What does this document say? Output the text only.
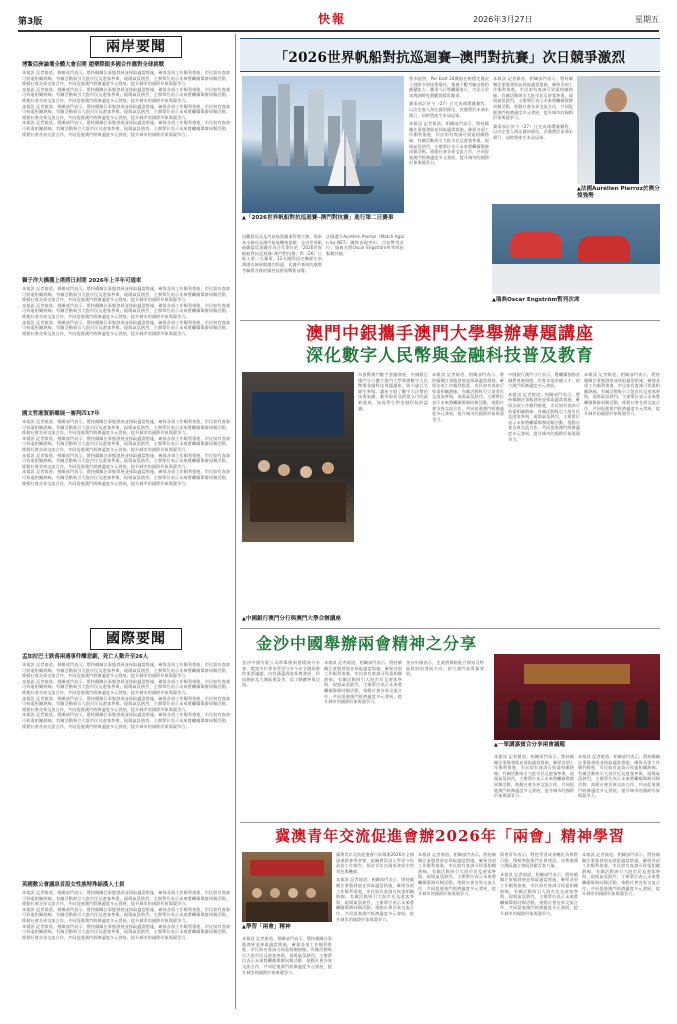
第3版	快報	2026年3月27日	星期五
兩岸要聞
博鰲亞洲論壇全體大會召開 趙樂際跟多國合作應對全球挑戰
本報訊 記者報道。相關部門表示，將持續關注事態發展並採取適當措施，確保各項工作順利推進，市民如有查詢可致電相關熱線。有關活動吸引大批市民及遊客參與，現場氣氛熱烈，主辦單位表示未來將繼續舉辦同類活動，推動社會各界交流合作，共同促進澳門經濟適度多元發展，提升城市的國際形象與競爭力。
本報訊 記者報道。相關部門表示，將持續關注事態發展並採取適當措施，確保各項工作順利推進，市民如有查詢可致電相關熱線。有關活動吸引大批市民及遊客參與，現場氣氛熱烈，主辦單位表示未來將繼續舉辦同類活動，推動社會各界交流合作，共同促進澳門經濟適度多元發展，提升城市的國際形象與競爭力。
本報訊 記者報道。相關部門表示，將持續關注事態發展並採取適當措施，確保各項工作順利推進，市民如有查詢可致電相關熱線。有關活動吸引大批市民及遊客參與，現場氣氛熱烈，主辦單位表示未來將繼續舉辦同類活動，推動社會各界交流合作，共同促進澳門經濟適度多元發展，提升城市的國際形象與競爭力。
本報訊 記者報道。相關部門表示，將持續關注事態發展並採取適當措施，確保各項工作順利推進，市民如有查詢可致電相關熱線。有關活動吸引大批市民及遊客參與，現場氣氛熱烈，主辦單位表示未來將繼續舉辦同類活動，推動社會各界交流合作，共同促進澳門經濟適度多元發展，提升城市的國際形象與競爭力。
獅子洋大橋獲上塔將日封閉 2026年上半年可通車
本報訊 記者報道。相關部門表示，將持續關注事態發展並採取適當措施，確保各項工作順利推進，市民如有查詢可致電相關熱線。有關活動吸引大批市民及遊客參與，現場氣氛熱烈，主辦單位表示未來將繼續舉辦同類活動，推動社會各界交流合作，共同促進澳門經濟適度多元發展，提升城市的國際形象與競爭力。
本報訊 記者報道。相關部門表示，將持續關注事態發展並採取適當措施，確保各項工作順利推進，市民如有查詢可致電相關熱線。有關活動吸引大批市民及遊客參與，現場氣氛熱烈，主辦單位表示未來將繼續舉辦同類活動，推動社會各界交流合作，共同促進澳門經濟適度多元發展，提升城市的國際形象與競爭力。
本報訊 記者報道。相關部門表示，將持續關注事態發展並採取適當措施，確保各項工作順利推進，市民如有查詢可致電相關熱線。有關活動吸引大批市民及遊客參與，現場氣氛熱烈，主辦單位表示未來將繼續舉辦同類活動，推動社會各界交流合作，共同促進澳門經濟適度多元發展，提升城市的國際形象與競爭力。
國文哲湘貿新雖展一審判四17年
本報訊 記者報道。相關部門表示，將持續關注事態發展並採取適當措施，確保各項工作順利推進，市民如有查詢可致電相關熱線。有關活動吸引大批市民及遊客參與，現場氣氛熱烈，主辦單位表示未來將繼續舉辦同類活動，推動社會各界交流合作，共同促進澳門經濟適度多元發展，提升城市的國際形象與競爭力。
本報訊 記者報道。相關部門表示，將持續關注事態發展並採取適當措施，確保各項工作順利推進，市民如有查詢可致電相關熱線。有關活動吸引大批市民及遊客參與，現場氣氛熱烈，主辦單位表示未來將繼續舉辦同類活動，推動社會各界交流合作，共同促進澳門經濟適度多元發展，提升城市的國際形象與競爭力。
本報訊 記者報道。相關部門表示，將持續關注事態發展並採取適當措施，確保各項工作順利推進，市民如有查詢可致電相關熱線。有關活動吸引大批市民及遊客參與，現場氣氛熱烈，主辦單位表示未來將繼續舉辦同類活動，推動社會各界交流合作，共同促進澳門經濟適度多元發展，提升城市的國際形象與競爭力。
本報訊 記者報道。相關部門表示，將持續關注事態發展並採取適當措施，確保各項工作順利推進，市民如有查詢可致電相關熱線。有關活動吸引大批市民及遊客參與，現場氣氛熱烈，主辦單位表示未來將繼續舉辦同類活動，推動社會各界交流合作，共同促進澳門經濟適度多元發展，提升城市的國際形象與競爭力。
國際要聞
孟加拉巴士跌落兩遇事件釀悲劇，死亡人數升至26人
本報訊 記者報道。相關部門表示，將持續關注事態發展並採取適當措施，確保各項工作順利推進，市民如有查詢可致電相關熱線。有關活動吸引大批市民及遊客參與，現場氣氛熱烈，主辦單位表示未來將繼續舉辦同類活動，推動社會各界交流合作，共同促進澳門經濟適度多元發展，提升城市的國際形象與競爭力。
本報訊 記者報道。相關部門表示，將持續關注事態發展並採取適當措施，確保各項工作順利推進，市民如有查詢可致電相關熱線。有關活動吸引大批市民及遊客參與，現場氣氛熱烈，主辦單位表示未來將繼續舉辦同類活動，推動社會各界交流合作，共同促進澳門經濟適度多元發展，提升城市的國際形象與競爭力。
本報訊 記者報道。相關部門表示，將持續關注事態發展並採取適當措施，確保各項工作順利推進，市民如有查詢可致電相關熱線。有關活動吸引大批市民及遊客參與，現場氣氛熱烈，主辦單位表示未來將繼續舉辦同類活動，推動社會各界交流合作，共同促進澳門經濟適度多元發展，提升城市的國際形象與競爭力。
本報訊 記者報道。相關部門表示，將持續關注事態發展並採取適當措施，確保各項工作順利推進，市民如有查詢可致電相關熱線。有關活動吸引大批市民及遊客參與，現場氣氛熱烈，主辦單位表示未來將繼續舉辦同類活動，推動社會各界交流合作，共同促進澳門經濟適度多元發展，提升城市的國際形象與競爭力。
英國數公會議泉首設女性族特殊結漢人士員
本報訊 記者報道。相關部門表示，將持續關注事態發展並採取適當措施，確保各項工作順利推進，市民如有查詢可致電相關熱線。有關活動吸引大批市民及遊客參與，現場氣氛熱烈，主辦單位表示未來將繼續舉辦同類活動，推動社會各界交流合作，共同促進澳門經濟適度多元發展，提升城市的國際形象與競爭力。
本報訊 記者報道。相關部門表示，將持續關注事態發展並採取適當措施，確保各項工作順利推進，市民如有查詢可致電相關熱線。有關活動吸引大批市民及遊客參與，現場氣氛熱烈，主辦單位表示未來將繼續舉辦同類活動，推動社會各界交流合作，共同促進澳門經濟適度多元發展，提升城市的國際形象與競爭力。
本報訊 記者報道。相關部門表示，將持續關注事態發展並採取適當措施，確保各項工作順利推進，市民如有查詢可致電相關熱線。有關活動吸引大批市民及遊客參與，現場氣氛熱烈，主辦單位表示未來將繼續舉辦同類活動，推動社會各界交流合作，共同促進澳門經濟適度多元發展，提升城市的國際形象與競爭力。
「2026世界帆船對抗巡迴賽─澳門對抗賽」次日競爭激烈
▲「2026世界帆船對抗巡迴賽─澳門對抗賽」進行第二日賽事
▲法國Aurélien Pierroz於澳分領強勢
▲瑞典Oscar Engström暫列次席
由觀賞局及及丹星航海賽事管理主辦、海事本水務局及澳門航航機會協辦，並由世界帆船聯盟巡迴賽作為合作單位的「2026世界帆船對抗巡迴賽─澳門對抗賽」昨（26）日進入第二天賽事，12支國際頂尖團隊在南灣湖水域展開激烈角逐，比賽中強勁的風勢考驗著各隊的操控技術與戰術部署。
法國選手Aurélien Pierroz（Match Again by NET）團隊表現突出，目前暫列首位；瑞典名將Oscar Engström所率隊伍緊隨其後。
要求提供，Par East 28賽船在較穩定風況下展開多項技術操作，強風不斷考驗各隊的應變能力。賽事今日將繼續進行，市民可於南灣湖畔免費觀賞精彩賽事。
賽事預計於今（27）日完成循環賽賽程，以決定進入淘汰賽的隊伍，決賽將於本週末舉行，屆時將產生本屆冠軍。
本報訊 記者報道。相關部門表示，將持續關注事態發展並採取適當措施，確保各項工作順利推進，市民如有查詢可致電相關熱線。有關活動吸引大批市民及遊客參與，現場氣氛熱烈，主辦單位表示未來將繼續舉辦同類活動，推動社會各界交流合作，共同促進澳門經濟適度多元發展，提升城市的國際形象與競爭力。
本報訊 記者報道。相關部門表示，將持續關注事態發展並採取適當措施，確保各項工作順利推進，市民如有查詢可致電相關熱線。有關活動吸引大批市民及遊客參與，現場氣氛熱烈，主辦單位表示未來將繼續舉辦同類活動，推動社會各界交流合作，共同促進澳門經濟適度多元發展，提升城市的國際形象與競爭力。
賽事預計於今（27）日完成循環賽賽程，以決定進入淘汰賽的隊伍，決賽將於本週末舉行，屆時將產生本屆冠軍。
澳門中銀攜手澳門大學舉辦專題講座
深化數字人民幣與金融科技普及教育
▲中國銀行澳門分行與澳門大學合辦講座
為推動澳門數字金融發展，中國銀行澳門分行攜手澳門大學舉辦數字人民幣與金融科技專題講座，吸引逾百名師生參與。講座介紹了數字人民幣的技術架構、應用場景及跨境支付的最新進展，加深學生對金融科技的認識。
本報訊 記者報道。相關部門表示，將持續關注事態發展並採取適當措施，確保各項工作順利推進，市民如有查詢可致電相關熱線。有關活動吸引大批市民及遊客參與，現場氣氛熱烈，主辦單位表示未來將繼續舉辦同類活動，推動社會各界交流合作，共同促進澳門經濟適度多元發展，提升城市的國際形象與競爭力。
中國銀行澳門分行表示，將繼續推動金融教育進校園，培育本地金融人才，助力澳門經濟適度多元發展。
本報訊 記者報道。相關部門表示，將持續關注事態發展並採取適當措施，確保各項工作順利推進，市民如有查詢可致電相關熱線。有關活動吸引大批市民及遊客參與，現場氣氛熱烈，主辦單位表示未來將繼續舉辦同類活動，推動社會各界交流合作，共同促進澳門經濟適度多元發展，提升城市的國際形象與競爭力。
本報訊 記者報道。相關部門表示，將持續關注事態發展並採取適當措施，確保各項工作順利推進，市民如有查詢可致電相關熱線。有關活動吸引大批市民及遊客參與，現場氣氛熱烈，主辦單位表示未來將繼續舉辦同類活動，推動社會各界交流合作，共同促進澳門經濟適度多元發展，提升城市的國際形象與競爭力。
金沙中國舉辦兩會精神之分享
金沙中國有限公司昨舉辦兩會精神分享會，邀請多位專家學者分享今年全國兩會的重要議題，內容涵蓋國家經濟發展、科技創新及大灣區建設等，員工踴躍參與交流。
本報訊 記者報道。相關部門表示，將持續關注事態發展並採取適當措施，確保各項工作順利推進，市民如有查詢可致電相關熱線。有關活動吸引大批市民及遊客參與，現場氣氛熱烈，主辦單位表示未來將繼續舉辦同類活動，推動社會各界交流合作，共同促進澳門經濟適度多元發展，提升城市的國際形象與競爭力。
金沙中國表示，企業將積極配合國家及特區政府的發展方向，助力澳門高質量發展。
▲一眾講嘉賓合分享兩會議題
本報訊 記者報道。相關部門表示，將持續關注事態發展並採取適當措施，確保各項工作順利推進，市民如有查詢可致電相關熱線。有關活動吸引大批市民及遊客參與，現場氣氛熱烈，主辦單位表示未來將繼續舉辦同類活動，推動社會各界交流合作，共同促進澳門經濟適度多元發展，提升城市的國際形象與競爭力。
本報訊 記者報道。相關部門表示，將持續關注事態發展並採取適當措施，確保各項工作順利推進，市民如有查詢可致電相關熱線。有關活動吸引大批市民及遊客參與，現場氣氛熱烈，主辦單位表示未來將繼續舉辦同類活動，推動社會各界交流合作，共同促進澳門經濟適度多元發展，提升城市的國際形象與競爭力。
冀澳青年交流促進會辦2026年「兩會」精神學習
▲學習「兩會」精神
本報訊 記者報道。相關部門表示，將持續關注事態發展並採取適當措施，確保各項工作順利推進，市民如有查詢可致電相關熱線。有關活動吸引大批市民及遊客參與，現場氣氛熱烈，主辦單位表示未來將繼續舉辦同類活動，推動社會各界交流合作，共同促進澳門經濟適度多元發展，提升城市的國際形象與競爭力。
冀澳青年交流促進會日前舉辦2026年全國兩會精神學習會，組織會員深入學習今年政府工作報告，探討青年在國家發展中的角色與機遇。
本報訊 記者報道。相關部門表示，將持續關注事態發展並採取適當措施，確保各項工作順利推進，市民如有查詢可致電相關熱線。有關活動吸引大批市民及遊客參與，現場氣氛熱烈，主辦單位表示未來將繼續舉辦同類活動，推動社會各界交流合作，共同促進澳門經濟適度多元發展，提升城市的國際形象與競爭力。
本報訊 記者報道。相關部門表示，將持續關注事態發展並採取適當措施，確保各項工作順利推進，市民如有查詢可致電相關熱線。有關活動吸引大批市民及遊客參與，現場氣氛熱烈，主辦單位表示未來將繼續舉辦同類活動，推動社會各界交流合作，共同促進澳門經濟適度多元發展，提升城市的國際形象與競爭力。
與會青年表示，將把學習成果轉化為實際行動，積極參與澳門社會建設，為粵港澳大灣區融合發展貢獻青春力量。
本報訊 記者報道。相關部門表示，將持續關注事態發展並採取適當措施，確保各項工作順利推進，市民如有查詢可致電相關熱線。有關活動吸引大批市民及遊客參與，現場氣氛熱烈，主辦單位表示未來將繼續舉辦同類活動，推動社會各界交流合作，共同促進澳門經濟適度多元發展，提升城市的國際形象與競爭力。
本報訊 記者報道。相關部門表示，將持續關注事態發展並採取適當措施，確保各項工作順利推進，市民如有查詢可致電相關熱線。有關活動吸引大批市民及遊客參與，現場氣氛熱烈，主辦單位表示未來將繼續舉辦同類活動，推動社會各界交流合作，共同促進澳門經濟適度多元發展，提升城市的國際形象與競爭力。
